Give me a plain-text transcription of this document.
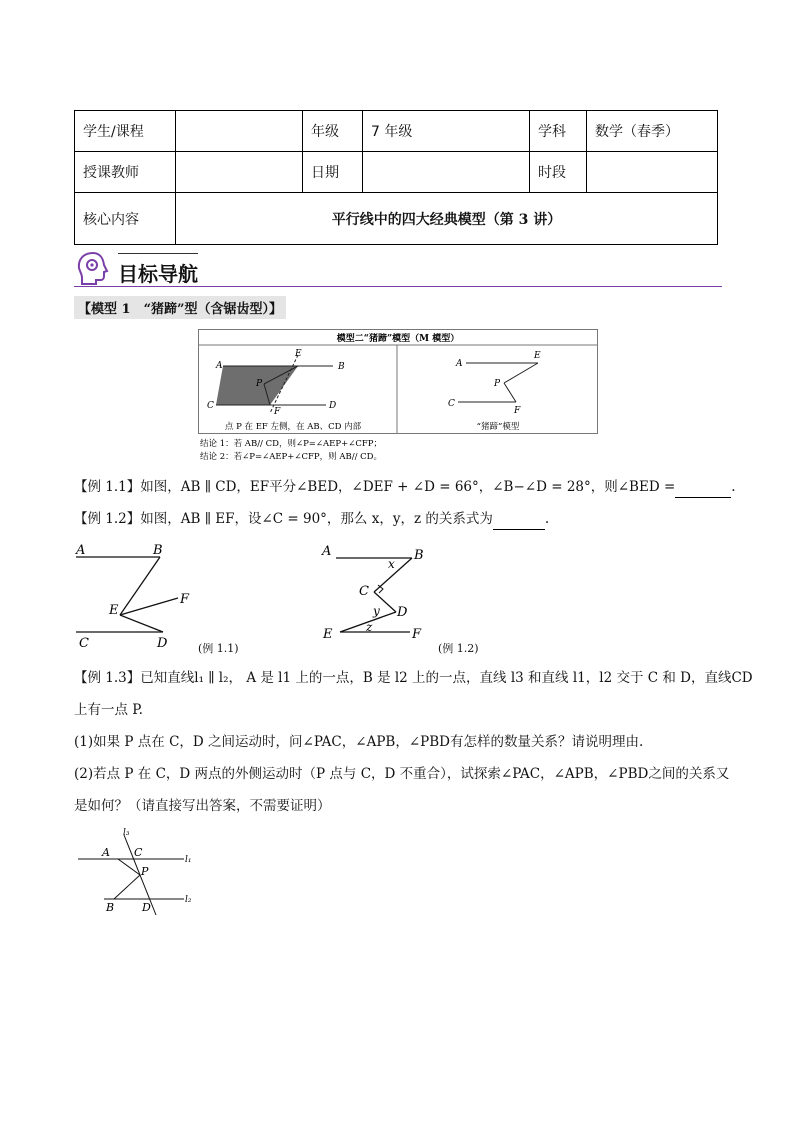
学生/课程		年级	7 年级	学科	数学（春季）
授课教师		日期		时段	
核心内容	平行线中的四大经典模型（第 3 讲）				
目标导航
【模型 1　“猪蹄”型（含锯齿型）】
模型二“猪蹄”模型（M 模型）
A	B
C	D
E
F
P
点 P 在 EF 左侧，在 AB、CD 内部
A
E
P
C
F
“猪蹄”模型
结论 1：若 AB// CD，则∠P=∠AEP+∠CFP；
结论 2：若∠P=∠AEP+∠CFP，则 AB// CD。
【例 1.1】如图，AB ∥ CD，EF平分∠BED，∠DEF + ∠D = 66°，∠B−∠D = 28°，则∠BED =	.
【例 1.2】如图，AB ∥ EF，设∠C = 90°，那么 x，y，z 的关系式为	.
A	B
E
F
C	D	(例 1.1)
A	B
x
C
y D
z
E	F
(例 1.2)
【例 1.3】已知直线l₁ ∥ l₂， A 是 l1 上的一点，B 是 l2 上的一点，直线 l3 和直线 l1，l2 交于 C 和 D，直线CD
上有一点 P.
(1)如果 P 点在 C，D 之间运动时，问∠PAC，∠APB，∠PBD有怎样的数量关系？请说明理由.
(2)若点 P 在 C，D 两点的外侧运动时（P 点与 C，D 不重合），试探索∠PAC，∠APB，∠PBD之间的关系又
是如何？（请直接写出答案，不需要证明）
l₃
l₁
l₂
A C
P
B	D
